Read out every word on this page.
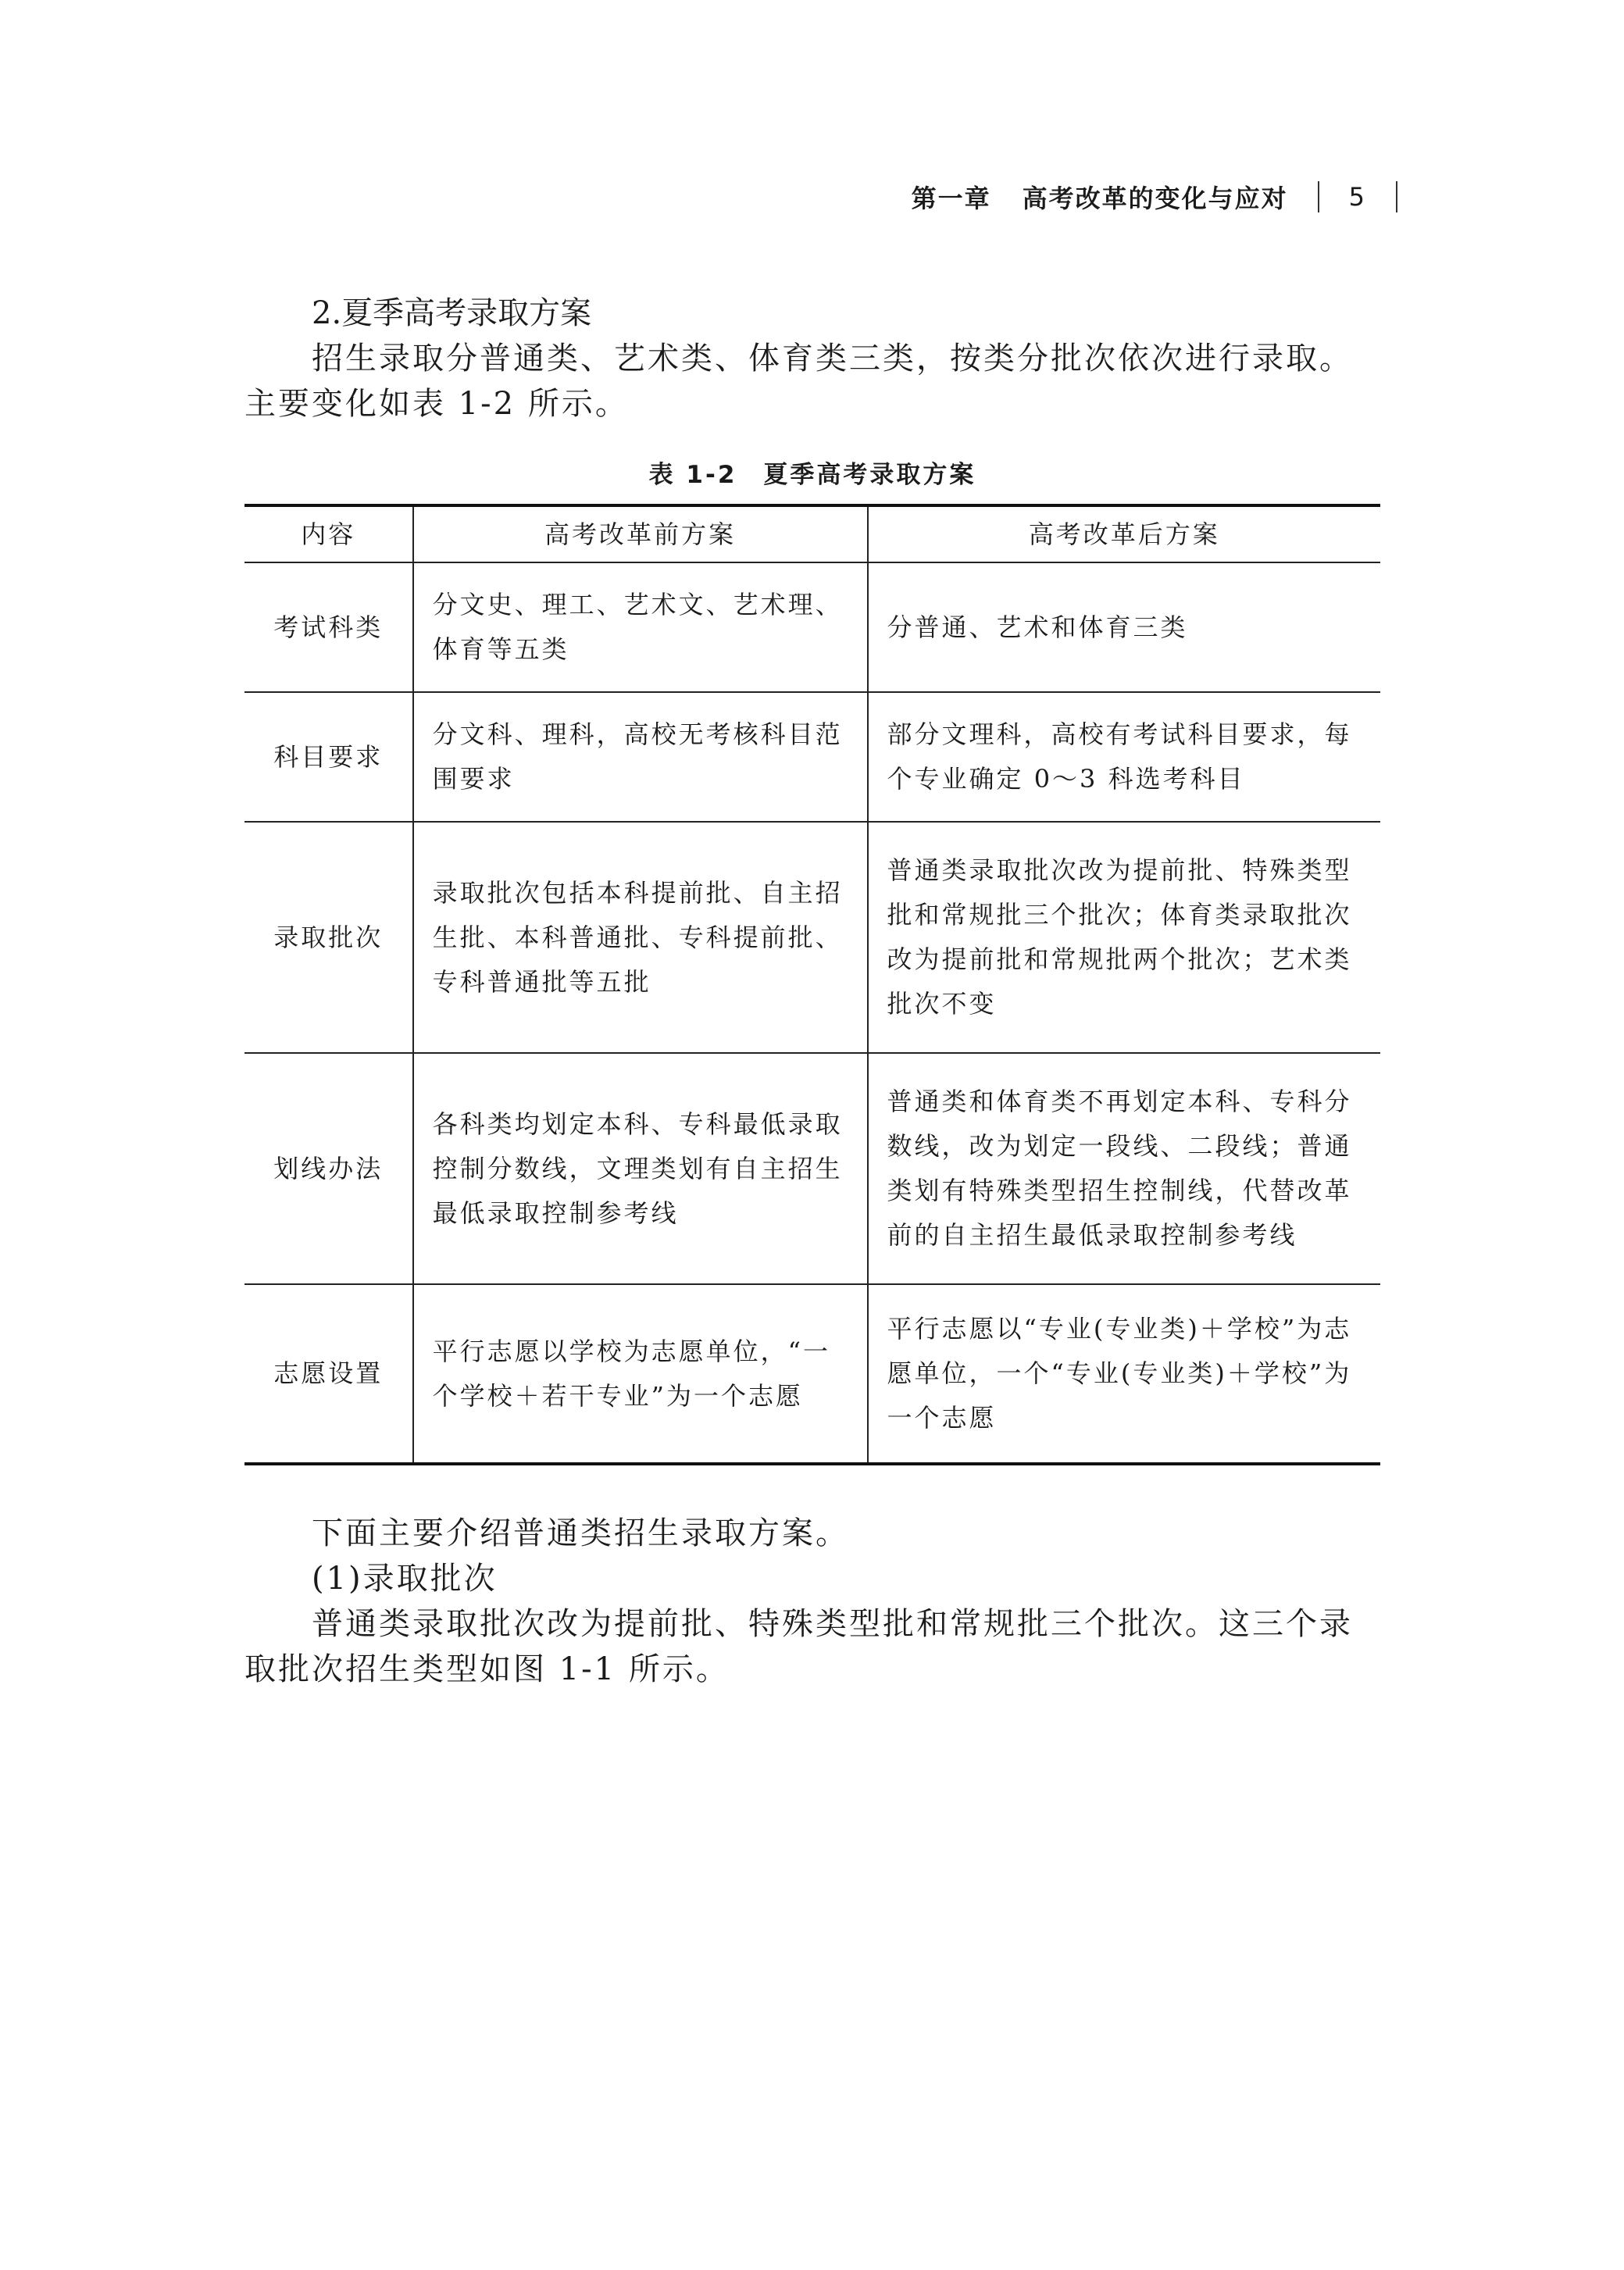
第一章 高考改革的变化与应对 5

2.夏季高考录取方案

招生录取分普通类、艺术类、体育类三类，按类分批次依次进行录取。主要变化如表 1-2 所示。

表 1-2　夏季高考录取方案
内容	高考改革前方案	高考改革后方案
考试科类	分文史、理工、艺术文、艺术理、体育等五类	分普通、艺术和体育三类
科目要求	分文科、理科，高校无考核科目范围要求	部分文理科，高校有考试科目要求，每个专业确定 0～3 科选考科目
录取批次	录取批次包括本科提前批、自主招生批、本科普通批、专科提前批、专科普通批等五批	普通类录取批次改为提前批、特殊类型批和常规批三个批次；体育类录取批次改为提前批和常规批两个批次；艺术类批次不变
划线办法	各科类均划定本科、专科最低录取控制分数线，文理类划有自主招生最低录取控制参考线	普通类和体育类不再划定本科、专科分数线，改为划定一段线、二段线；普通类划有特殊类型招生控制线，代替改革前的自主招生最低录取控制参考线
志愿设置	平行志愿以学校为志愿单位，“一个学校＋若干专业”为一个志愿	平行志愿以“专业(专业类)＋学校”为志愿单位，一个“专业(专业类)＋学校”为一个志愿

下面主要介绍普通类招生录取方案。

(1)录取批次

普通类录取批次改为提前批、特殊类型批和常规批三个批次。这三个录取批次招生类型如图 1-1 所示。
